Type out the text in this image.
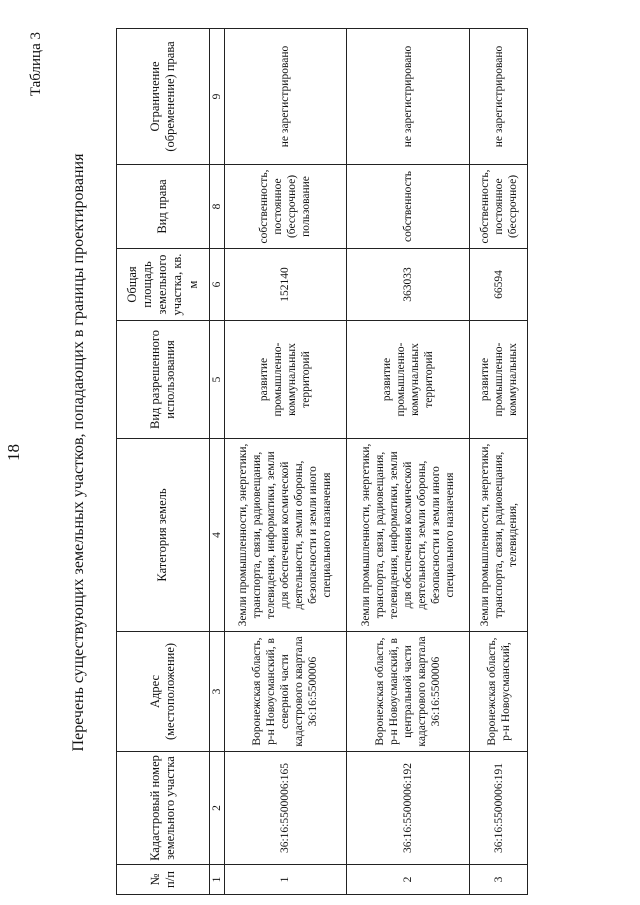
18
Таблица 3
Перечень существующих земельных участков, попадающих в границы проектирования
№ п/п	Кадастровый номер земельного участка	Адрес (местоположение)	Категория земель	Вид разрешенного использования	Общая площадь земельного участка, кв. м	Вид права	Ограничение (обременение) права
1	2	3	4	5	6	8	9
1	36:16:5500006:165	Воронежская область, р-н Новоусманский, в северной части кадастрового квартала 36:16:5500006	Земли промышленности, энергетики, транспорта, связи, радиовещания, телевидения, информатики, земли для обеспечения космической деятельности, земли обороны, безопасности и земли иного специального назначения	развитие промышленно-коммунальных территорий	152140	собственность, постоянное (бессрочное) пользование	не зарегистрировано
2	36:16:5500006:192	Воронежская область, р-н Новоусманский, в центральной части кадастрового квартала 36:16:5500006	Земли промышленности, энергетики, транспорта, связи, радиовещания, телевидения, информатики, земли для обеспечения космической деятельности, земли обороны, безопасности и земли иного специального назначения	развитие промышленно-коммунальных территорий	363033	собственность	не зарегистрировано
3	36:16:5500006:191	Воронежская область, р-н Новоусманский,	Земли промышленности, энергетики, транспорта, связи, радиовещания, телевидения,	развитие промышленно-коммунальных	66594	собственность, постоянное (бессрочное)	не зарегистрировано
